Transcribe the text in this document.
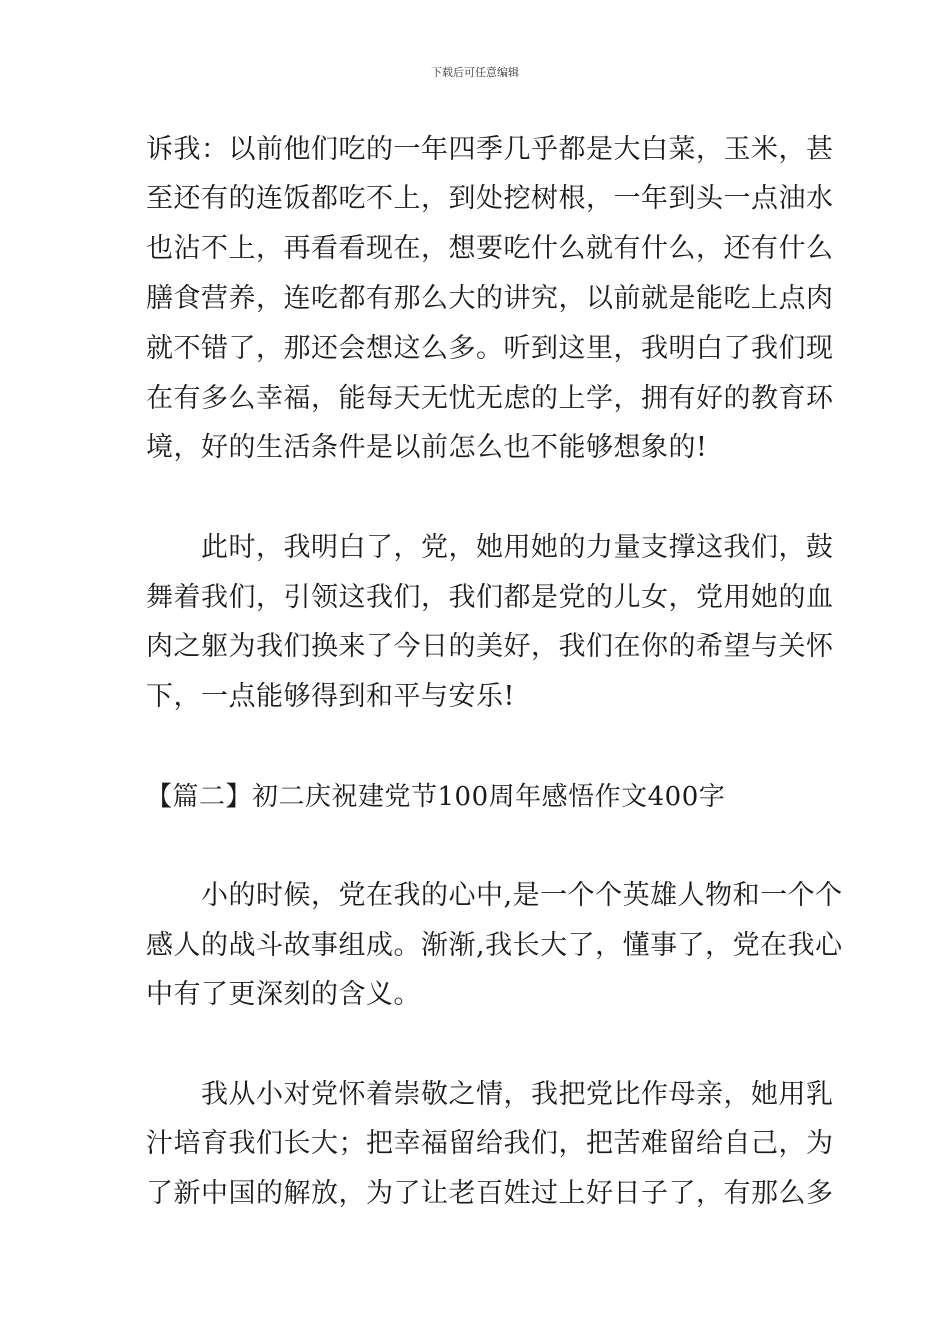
下载后可任意编辑
诉我：以前他们吃的一年四季几乎都是大白菜，玉米，甚
至还有的连饭都吃不上，到处挖树根，一年到头一点油水
也沾不上，再看看现在，想要吃什么就有什么，还有什么
膳食营养，连吃都有那么大的讲究，以前就是能吃上点肉
就不错了，那还会想这么多。听到这里，我明白了我们现
在有多么幸福，能每天无忧无虑的上学，拥有好的教育环
境，好的生活条件是以前怎么也不能够想象的!
　　此时，我明白了，党，她用她的力量支撑这我们，鼓
舞着我们，引领这我们，我们都是党的儿女，党用她的血
肉之躯为我们换来了今日的美好，我们在你的希望与关怀
下，一点能够得到和平与安乐!
【篇二】初二庆祝建党节100周年感悟作文400字
　　小的时候，党在我的心中,是一个个英雄人物和一个个
感人的战斗故事组成。渐渐,我长大了，懂事了，党在我心
中有了更深刻的含义。
　　我从小对党怀着崇敬之情，我把党比作母亲，她用乳
汁培育我们长大；把幸福留给我们，把苦难留给自己，为
了新中国的解放，为了让老百姓过上好日子了，有那么多
